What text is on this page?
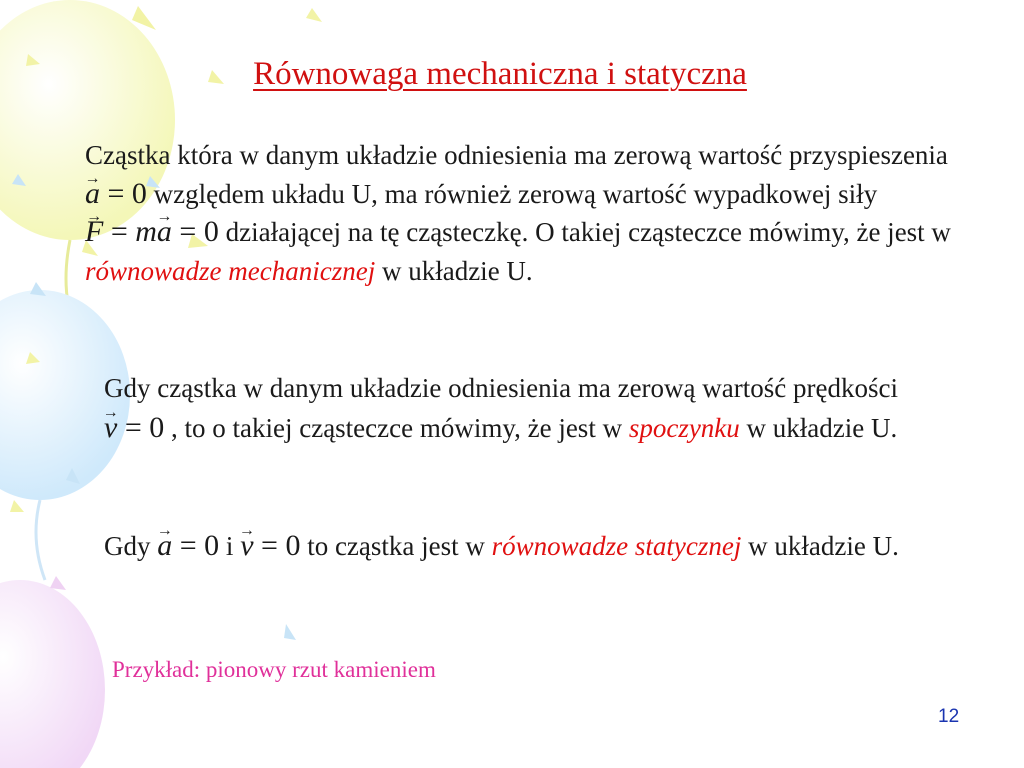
Równowaga mechaniczna i statyczna
Cząstka która w danym układzie odniesienia ma zerową wartość przyspieszenia → a = 0 względem układu U, ma również zerową wartość wypadkowej siły → F = m→ a = 0 działającej na tę cząsteczkę. O takiej cząsteczce mówimy, że jest w równowadze mechanicznej w układzie U.
Gdy cząstka w danym układzie odniesienia ma zerową wartość prędkości → v = 0 , to o takiej cząsteczce mówimy, że jest w spoczynku w układzie U.
Gdy → a = 0 i → v = 0 to cząstka jest w równowadze statycznej w układzie U.
Przykład: pionowy rzut kamieniem
12
